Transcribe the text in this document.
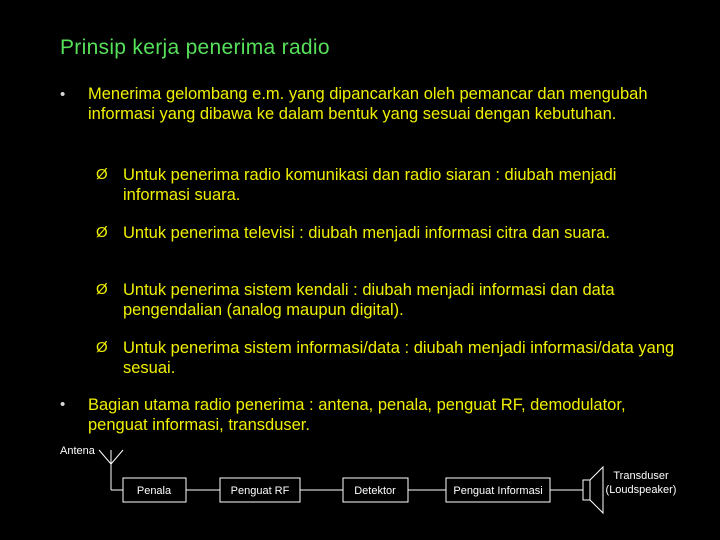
Prinsip kerja penerima radio
• Menerima gelombang e.m. yang dipancarkan oleh pemancar dan mengubah informasi yang dibawa ke dalam bentuk yang sesuai dengan kebutuhan.
Ø Untuk penerima radio komunikasi dan radio siaran : diubah menjadi informasi suara.
Ø Untuk penerima televisi : diubah menjadi informasi citra dan suara.
Ø Untuk penerima sistem kendali : diubah menjadi informasi dan data pengendalian (analog maupun digital).
Ø Untuk penerima sistem informasi/data : diubah menjadi informasi/data yang sesuai.
• Bagian utama radio penerima : antena, penala, penguat RF, demodulator, penguat informasi, transduser.
Antena
Penala	Penguat RF	Detektor	Penguat Informasi
Transduser
(Loudspeaker)
